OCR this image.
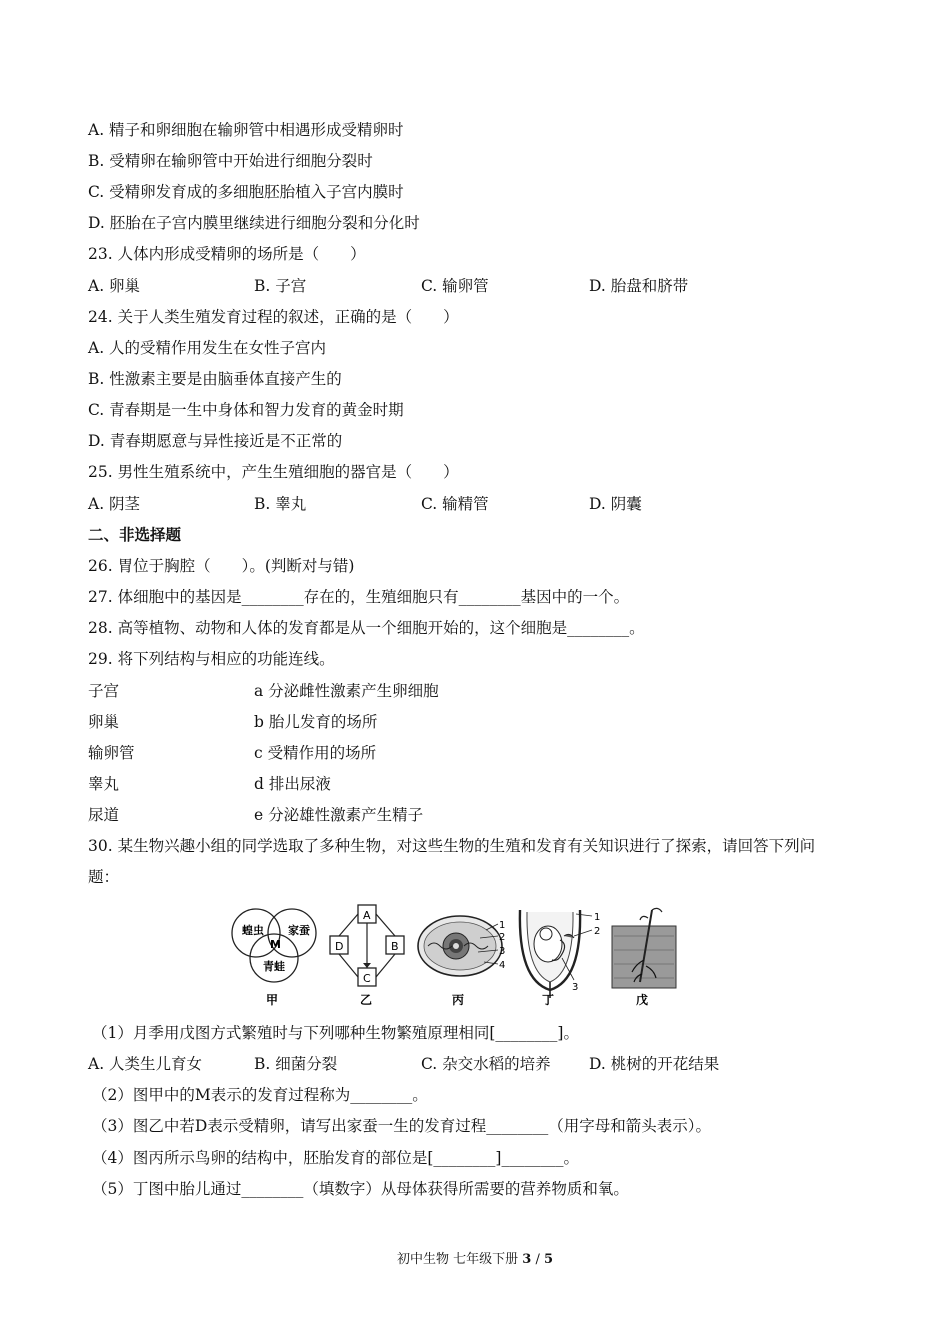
A. 精子和卵细胞在输卵管中相遇形成受精卵时
B. 受精卵在输卵管中开始进行细胞分裂时
C. 受精卵发育成的多细胞胚胎植入子宫内膜时
D. 胚胎在子宫内膜里继续进行细胞分裂和分化时
23. 人体内形成受精卵的场所是（　　）
A. 卵巢	B. 子宫	C. 输卵管	D. 胎盘和脐带
24. 关于人类生殖发育过程的叙述，正确的是（　　）
A. 人的受精作用发生在女性子宫内
B. 性激素主要是由脑垂体直接产生的
C. 青春期是一生中身体和智力发育的黄金时期
D. 青春期愿意与异性接近是不正常的
25. 男性生殖系统中，产生生殖细胞的器官是（　　）
A. 阴茎	B. 睾丸	C. 输精管	D. 阴囊
二、非选择题
26. 胃位于胸腔（　　）。(判断对与错)
27. 体细胞中的基因是________存在的，生殖细胞只有________基因中的一个。
28. 高等植物、动物和人体的发育都是从一个细胞开始的，这个细胞是________。
29. 将下列结构与相应的功能连线。
子宫	a 分泌雌性激素产生卵细胞
卵巢	b 胎儿发育的场所
输卵管	c 受精作用的场所
睾丸	d 排出尿液
尿道	e 分泌雄性激素产生精子
30. 某生物兴趣小组的同学选取了多种生物，对这些生物的生殖和发育有关知识进行了探索，请回答下列问
题：
蝗虫 家蚕
M
青蛙
甲
A
B
C
D
乙
1
2
3
4
丙
1
2
3
丁	戊
（1）月季用戊图方式繁殖时与下列哪种生物繁殖原理相同[________]。
A. 人类生儿育女	B. 细菌分裂	C. 杂交水稻的培养 D. 桃树的开花结果
（2）图甲中的M表示的发育过程称为________。
（3）图乙中若D表示受精卵，请写出家蚕一生的发育过程________（用字母和箭头表示）。
（4）图丙所示鸟卵的结构中，胚胎发育的部位是[________]________。
（5）丁图中胎儿通过________（填数字）从母体获得所需要的营养物质和氧。
初中生物 七年级下册 3 / 5
